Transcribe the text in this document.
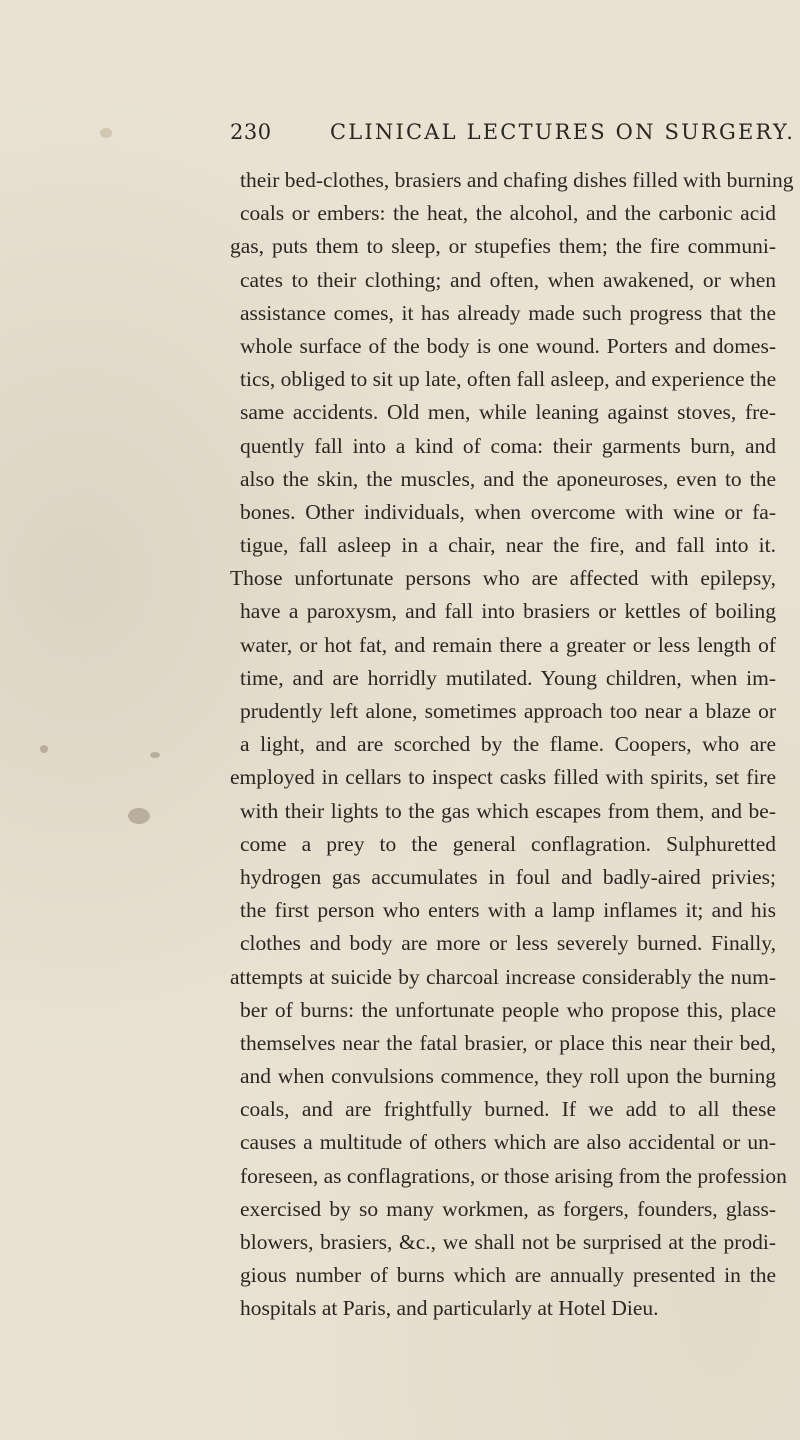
230	CLINICAL LECTURES ON SURGERY.
their bed-clothes, brasiers and chafing dishes filled with burning
coals or embers: the heat, the alcohol, and the carbonic acid
gas, puts them to sleep, or stupefies them; the fire communi-
cates to their clothing; and often, when awakened, or when
assistance comes, it has already made such progress that the
whole surface of the body is one wound. Porters and domes-
tics, obliged to sit up late, often fall asleep, and experience the
same accidents. Old men, while leaning against stoves, fre-
quently fall into a kind of coma: their garments burn, and
also the skin, the muscles, and the aponeuroses, even to the
bones. Other individuals, when overcome with wine or fa-
tigue, fall asleep in a chair, near the fire, and fall into it.
Those unfortunate persons who are affected with epilepsy,
have a paroxysm, and fall into brasiers or kettles of boiling
water, or hot fat, and remain there a greater or less length of
time, and are horridly mutilated. Young children, when im-
prudently left alone, sometimes approach too near a blaze or
a light, and are scorched by the flame. Coopers, who are
employed in cellars to inspect casks filled with spirits, set fire
with their lights to the gas which escapes from them, and be-
come a prey to the general conflagration. Sulphuretted
hydrogen gas accumulates in foul and badly-aired privies;
the first person who enters with a lamp inflames it; and his
clothes and body are more or less severely burned. Finally,
attempts at suicide by charcoal increase considerably the num-
ber of burns: the unfortunate people who propose this, place
themselves near the fatal brasier, or place this near their bed,
and when convulsions commence, they roll upon the burning
coals, and are frightfully burned. If we add to all these
causes a multitude of others which are also accidental or un-
foreseen, as conflagrations, or those arising from the profession
exercised by so many workmen, as forgers, founders, glass-
blowers, brasiers, &c., we shall not be surprised at the prodi-
gious number of burns which are annually presented in the
hospitals at Paris, and particularly at Hotel Dieu.
